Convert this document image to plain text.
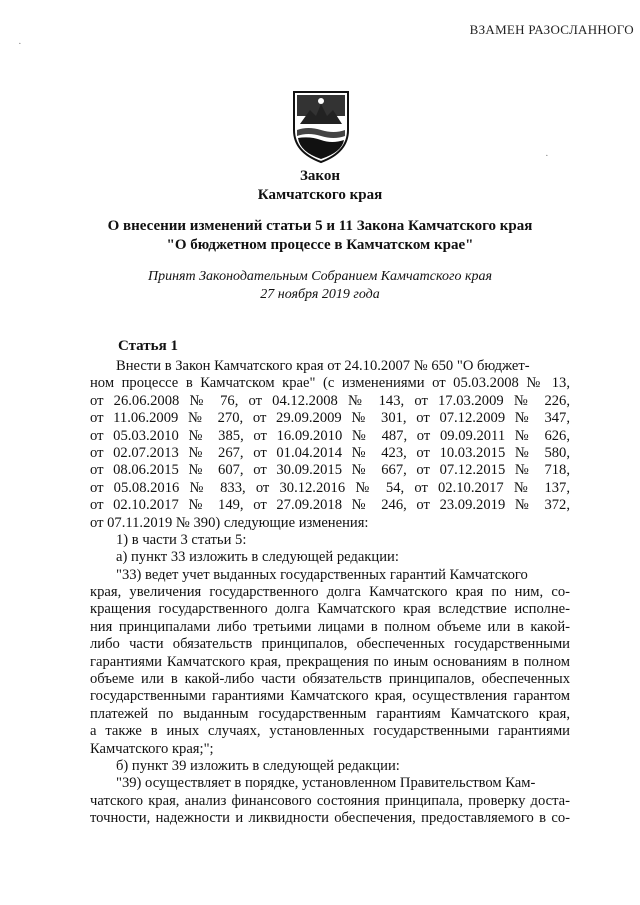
ВЗАМЕН РАЗОСЛАННОГО
Закон
Камчатского края
О внесении изменений статьи 5 и 11 Закона Камчатского края
"О бюджетном процессе в Камчатском крае"
Принят Законодательным Собранием Камчатского края
27 ноября 2019 года
Статья 1
Внести в Закон Камчатского края от 24.10.2007 № 650 "О бюджет-
ном процессе в Камчатском крае" (с изменениями от 05.03.2008 № 13,
от 26.06.2008 № 76, от 04.12.2008 № 143, от 17.03.2009 № 226,
от 11.06.2009 № 270, от 29.09.2009 № 301, от 07.12.2009 № 347,
от 05.03.2010 № 385, от 16.09.2010 № 487, от 09.09.2011 № 626,
от 02.07.2013 № 267, от 01.04.2014 № 423, от 10.03.2015 № 580,
от 08.06.2015 № 607, от 30.09.2015 № 667, от 07.12.2015 № 718,
от 05.08.2016 № 833, от 30.12.2016 № 54, от 02.10.2017 № 137,
от 02.10.2017 № 149, от 27.09.2018 № 246, от 23.09.2019 № 372,
от 07.11.2019 № 390) следующие изменения:
1) в части 3 статьи 5:
а) пункт 33 изложить в следующей редакции:
"33) ведет учет выданных государственных гарантий Камчатского
края, увеличения государственного долга Камчатского края по ним, со-
кращения государственного долга Камчатского края вследствие исполне-
ния принципалами либо третьими лицами в полном объеме или в какой-
либо части обязательств принципалов, обеспеченных государственными
гарантиями Камчатского края, прекращения по иным основаниям в полном
объеме или в какой-либо части обязательств принципалов, обеспеченных
государственными гарантиями Камчатского края, осуществления гарантом
платежей по выданным государственным гарантиям Камчатского края,
а также в иных случаях, установленных государственными гарантиями
Камчатского края;";
б) пункт 39 изложить в следующей редакции:
"39) осуществляет в порядке, установленном Правительством Кам-
чатского края, анализ финансового состояния принципала, проверку доста-
точности, надежности и ликвидности обеспечения, предоставляемого в со-
·
·
